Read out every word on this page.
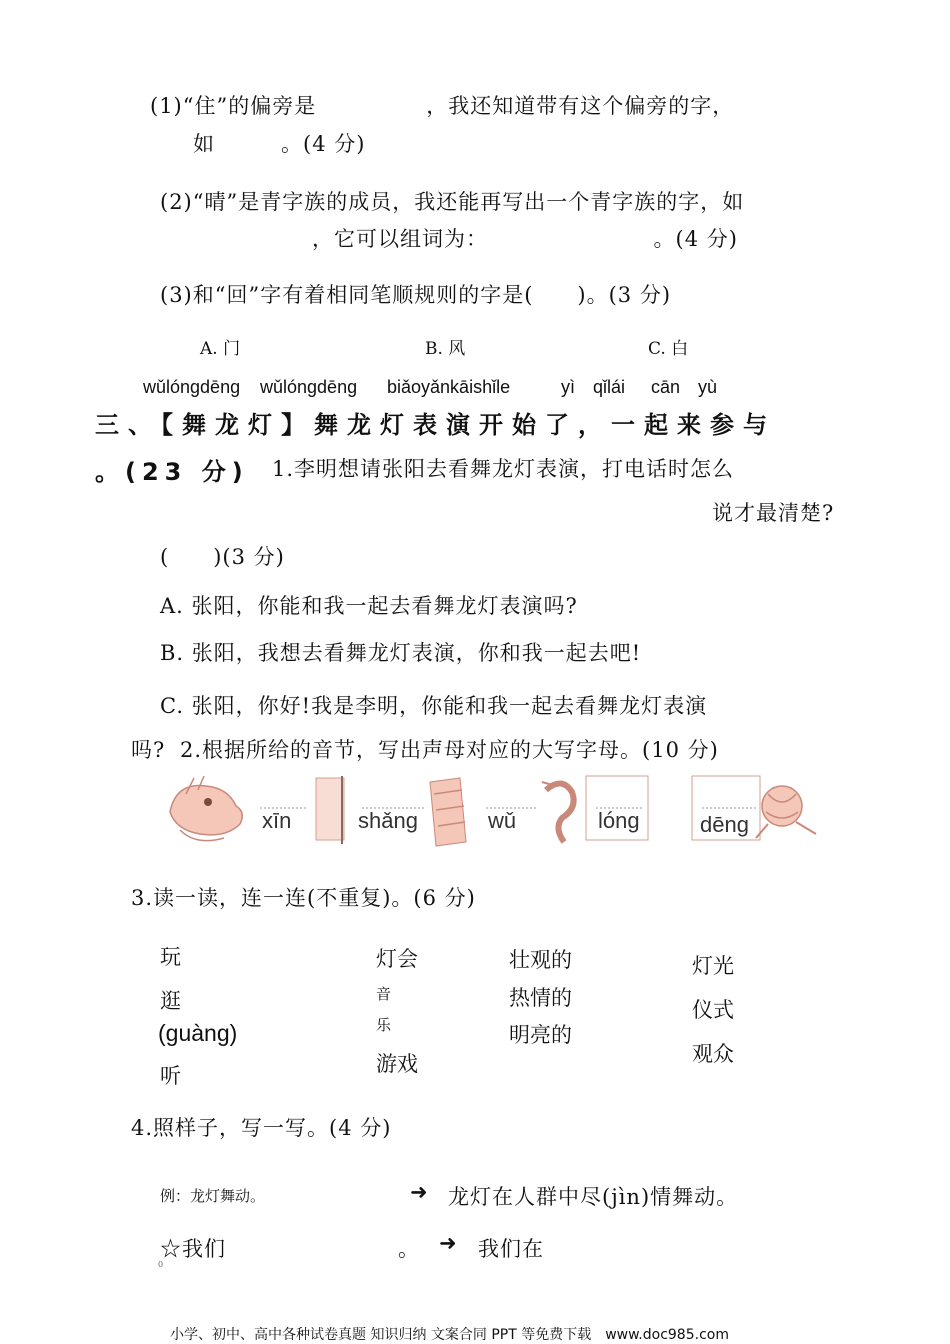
(1)“住”的偏旁是　　　　　，我还知道带有这个偏旁的字，
如　　　。(4 分)
(2)“晴”是青字族的成员，我还能再写出一个青字族的字，如
，它可以组词为：　　　　　　　　。(4 分)
(3)和“回”字有着相同笔顺规则的字是(　　)。(3 分)
A. 门	B. 风	C. 白
wǔlóngdēng wǔlóngdēng biǎoyǎnkāishǐle	yì qǐlái cān yù
三、【舞龙灯】舞龙灯表演开始了，一起来参与
。(23 分) 1.李明想请张阳去看舞龙灯表演，打电话时怎么
说才最清楚?
(　　)(3 分)
A. 张阳，你能和我一起去看舞龙灯表演吗?
B. 张阳，我想去看舞龙灯表演，你和我一起去吧!
C. 张阳，你好!我是李明，你能和我一起去看舞龙灯表演
吗? 2.根据所给的音节，写出声母对应的大写字母。(10 分)
xīn	shǎng	wǔ	lóng	dēng
3.读一读，连一连(不重复)。(6 分)
玩
逛
(guàng)
听
灯会
音
乐
游戏
壮观的
热情的
明亮的
灯光
仪式
观众
4.照样子，写一写。(4 分)
例：龙灯舞动。	➜ 龙灯在人群中尽(jìn)情舞动。
☆我们	。 ➜ 我们在
0
小学、初中、高中各种试卷真题 知识归纳 文案合同 PPT 等免费下载　www.doc985.com
